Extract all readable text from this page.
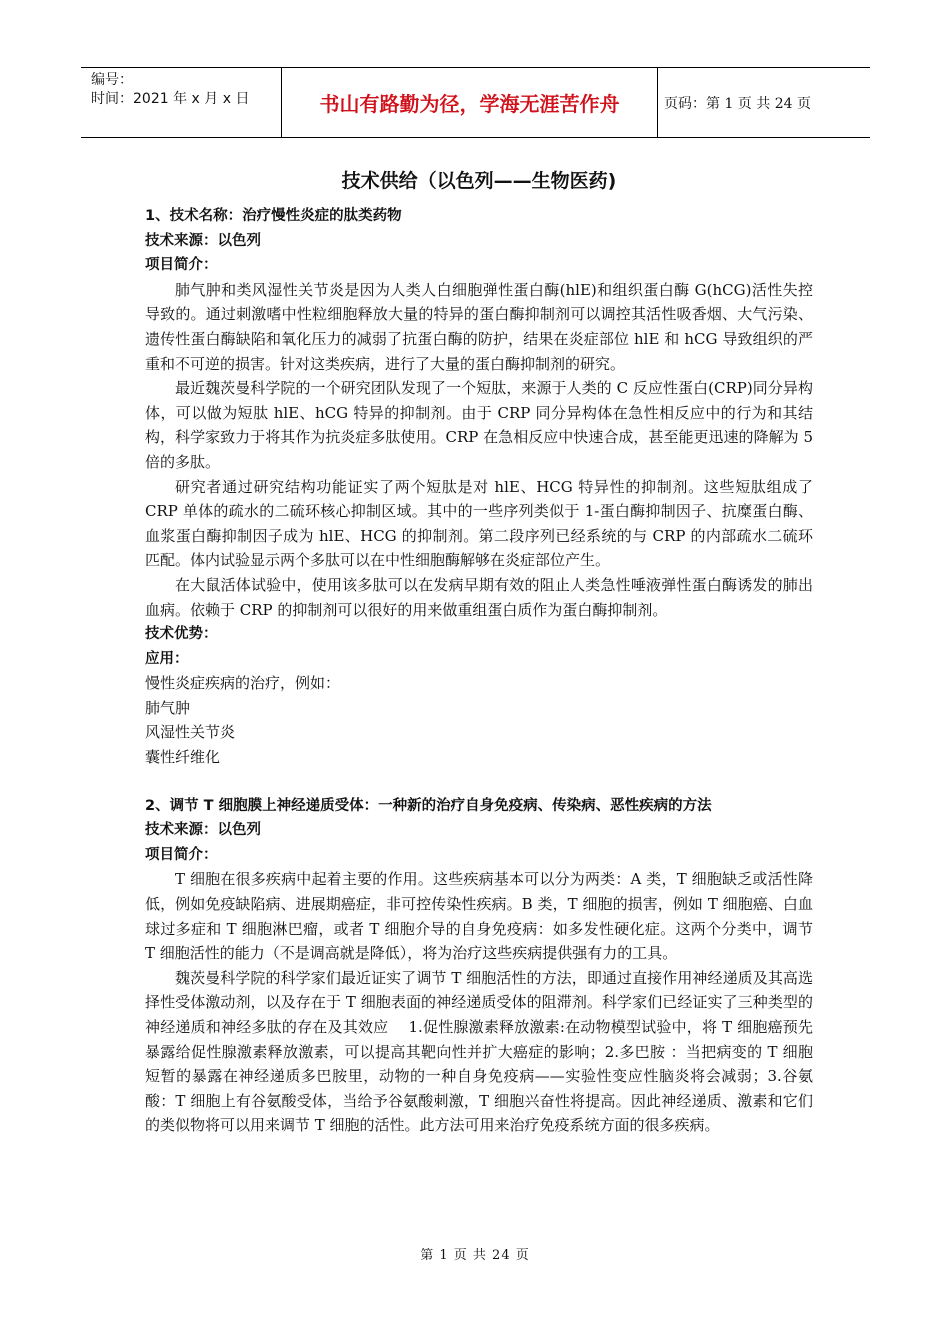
编号：
时间：2021 年 x 月 x 日	书山有路勤为径，学海无涯苦作舟	页码：第 1 页 共 24 页
技术供给（以色列——生物医药)

1、技术名称：治疗慢性炎症的肽类药物

技术来源：以色列

项目简介：

肺气肿和类风湿性关节炎是因为人类人白细胞弹性蛋白酶(hlE)和组织蛋白酶 G(hCG)活性失控导致的。通过刺激嗜中性粒细胞释放大量的特异的蛋白酶抑制剂可以调控其活性吸香烟、大气污染、遗传性蛋白酶缺陷和氧化压力的减弱了抗蛋白酶的防护，结果在炎症部位 hlE 和 hCG 导致组织的严重和不可逆的损害。针对这类疾病，进行了大量的蛋白酶抑制剂的研究。

最近魏茨曼科学院的一个研究团队发现了一个短肽，来源于人类的 C 反应性蛋白(CRP)同分异构体，可以做为短肽 hlE、hCG 特异的抑制剂。由于 CRP 同分异构体在急性相反应中的行为和其结构，科学家致力于将其作为抗炎症多肽使用。CRP 在急相反应中快速合成，甚至能更迅速的降解为 5 倍的多肽。

研究者通过研究结构功能证实了两个短肽是对 hlE、HCG 特异性的抑制剂。这些短肽组成了 CRP 单体的疏水的二硫环核心抑制区域。其中的一些序列类似于 1-蛋白酶抑制因子、抗糜蛋白酶、血浆蛋白酶抑制因子成为 hlE、HCG 的抑制剂。第二段序列已经系统的与 CRP 的内部疏水二硫环匹配。体内试验显示两个多肽可以在中性细胞酶解够在炎症部位产生。

在大鼠活体试验中，使用该多肽可以在发病早期有效的阻止人类急性唾液弹性蛋白酶诱发的肺出血病。依赖于 CRP 的抑制剂可以很好的用来做重组蛋白质作为蛋白酶抑制剂。

技术优势：

应用：

慢性炎症疾病的治疗，例如：

肺气肿

风湿性关节炎

囊性纤维化

2、调节 T 细胞膜上神经递质受体：一种新的治疗自身免疫病、传染病、恶性疾病的方法

技术来源：以色列

项目简介：

T 细胞在很多疾病中起着主要的作用。这些疾病基本可以分为两类：A 类，T 细胞缺乏或活性降低，例如免疫缺陷病、进展期癌症，非可控传染性疾病。B 类，T 细胞的损害，例如 T 细胞癌、白血球过多症和 T 细胞淋巴瘤，或者 T 细胞介导的自身免疫病：如多发性硬化症。这两个分类中，调节 T 细胞活性的能力（不是调高就是降低），将为治疗这些疾病提供强有力的工具。

魏茨曼科学院的科学家们最近证实了调节 T 细胞活性的方法，即通过直接作用神经递质及其高选择性受体激动剂，以及存在于 T 细胞表面的神经递质受体的阻滞剂。科学家们已经证实了三种类型的神经递质和神经多肽的存在及其效应　 1.促性腺激素释放激素:在动物模型试验中，将 T 细胞癌预先暴露给促性腺激素释放激素，可以提高其靶向性并扩大癌症的影响；2.多巴胺 ：当把病变的 T 细胞短暂的暴露在神经递质多巴胺里，动物的一种自身免疫病——实验性变应性脑炎将会减弱；3.谷氨酸：T 细胞上有谷氨酸受体，当给予谷氨酸刺激，T 细胞兴奋性将提高。因此神经递质、激素和它们的类似物将可以用来调节 T 细胞的活性。此方法可用来治疗免疫系统方面的很多疾病。

第 1 页 共 24 页
